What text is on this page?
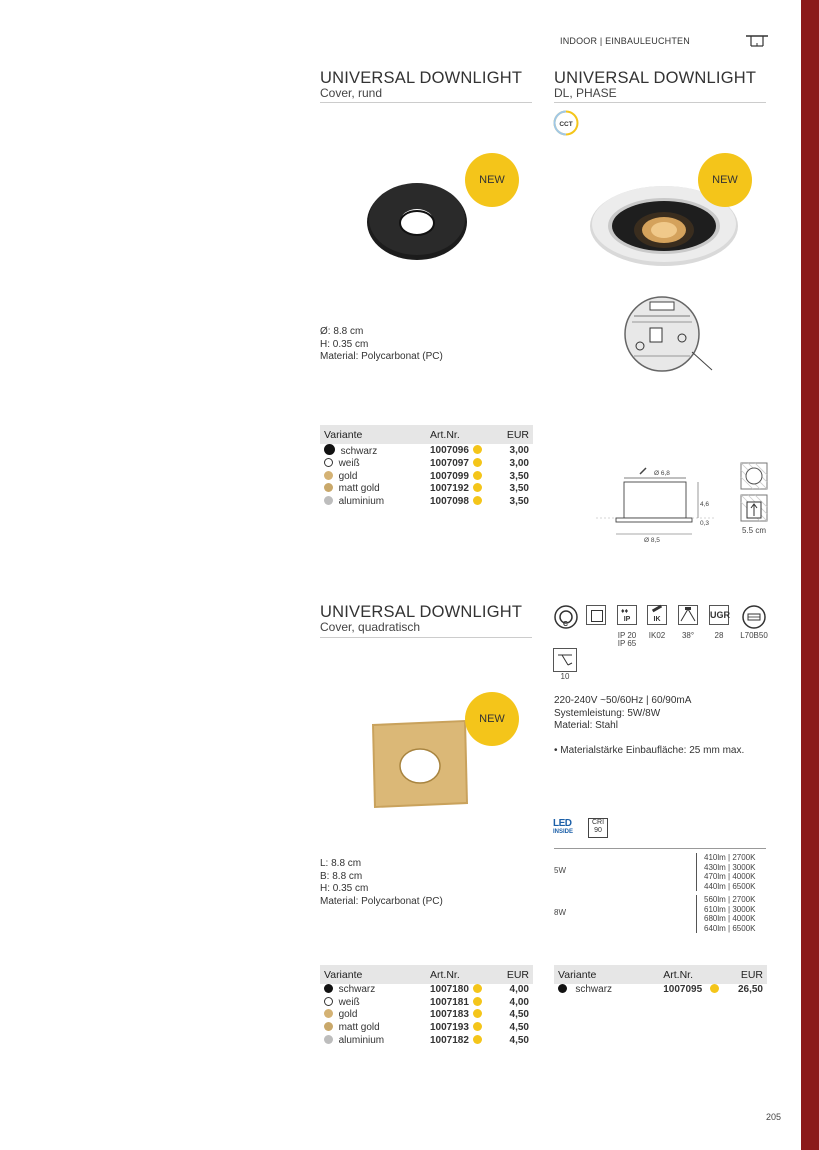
INDOOR | EINBAULEUCHTEN
UNIVERSAL DOWNLIGHT
Cover, rund
NEW
Ø: 8.8 cm
H: 0.35 cm
Material: Polycarbonat (PC)
Variante	Art.Nr.	EUR
schwarz	1007096	3,00
weiß	1007097	3,00
gold	1007099	3,50
matt gold	1007192	3,50
aluminium	1007098	3,50
UNIVERSAL DOWNLIGHT
DL, PHASE
CCT
NEW
Ø 6,8
4,6
0,3
Ø 8,5
5.5 cm
C
IP
♦♦
IP 20
IP 65
IK
IK02	38°
UGR
28	L70B50
10
220-240V ~50/60Hz | 60/90mA
Systemleistung: 5W/8W
Material: Stahl
• Materialstärke Einbaufläche: 25 mm max.
LED
INSIDE
CRI
90
5W
410lm | 2700K
430lm | 3000K
470lm | 4000K
440lm | 6500K
8W
560lm | 2700K
610lm | 3000K
680lm | 4000K
640lm | 6500K
Variante	Art.Nr.	EUR
schwarz	1007095	26,50
UNIVERSAL DOWNLIGHT
Cover, quadratisch
NEW
L: 8.8 cm
B: 8.8 cm
H: 0.35 cm
Material: Polycarbonat (PC)
Variante	Art.Nr.	EUR
schwarz	1007180	4,00
weiß	1007181	4,00
gold	1007183	4,50
matt gold	1007193	4,50
aluminium	1007182	4,50
205
